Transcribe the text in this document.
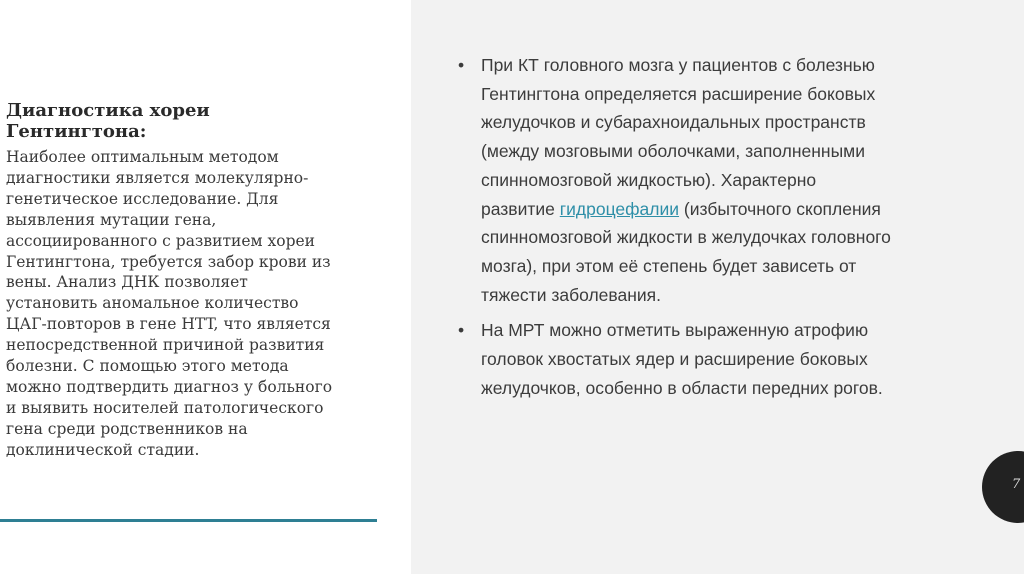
Диагностика хореи
Гентингтона:
Наиболее оптимальным методом
диагностики является молекулярно-
генетическое исследование. Для
выявления мутации гена,
ассоциированного с развитием хореи
Гентингтона, требуется забор крови из
вены. Анализ ДНК позволяет
установить аномальное количество
ЦАГ-повторов в гене HTT, что является
непосредственной причиной развития
болезни. С помощью этого метода
можно подтвердить диагноз у больного
и выявить носителей патологического
гена среди родственников на
доклинической стадии.
• При КТ головного мозга у пациентов с болезнью
Гентингтона определяется расширение боковых
желудочков и субарахноидальных пространств
(между мозговыми оболочками, заполненными
спинномозговой жидкостью). Характерно
развитие гидроцефалии (избыточного скопления
спинномозговой жидкости в желудочках головного
мозга), при этом её степень будет зависеть от
тяжести заболевания.
• На МРТ можно отметить выраженную атрофию
головок хвостатых ядер и расширение боковых
желудочков, особенно в области передних рогов.
7
